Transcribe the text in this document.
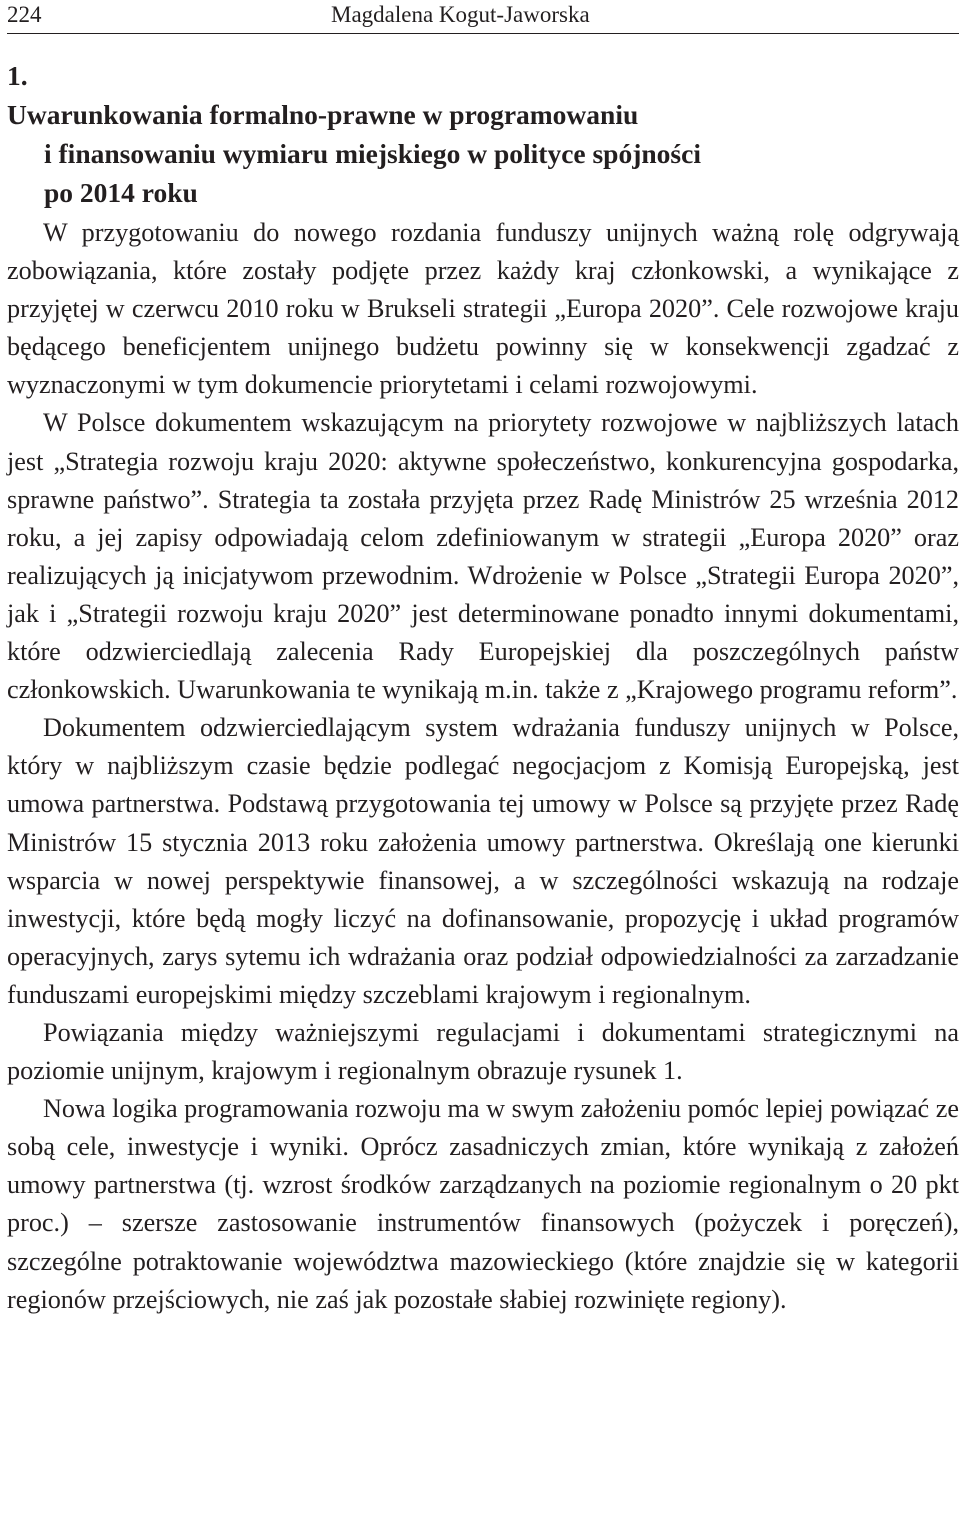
224	Magdalena Kogut-Jaworska
1.
Uwarunkowania formalno-prawne w programowaniu
i finansowaniu wymiaru miejskiego w polityce spójności
po 2014 roku

W przygotowaniu do nowego rozdania funduszy unijnych ważną rolę odgrywają zobowiązania, które zostały podjęte przez każdy kraj członkowski, a wynikające z przyjętej w czerwcu 2010 roku w Brukseli strategii „Europa 2020”. Cele rozwojowe kraju będącego beneficjentem unijnego budżetu powinny się w konsekwencji zgadzać z wyznaczonymi w tym dokumencie priorytetami i celami rozwojowymi.

W Polsce dokumentem wskazującym na priorytety rozwojowe w najbliższych latach jest „Strategia rozwoju kraju 2020: aktywne społeczeństwo, konkurencyjna gospodarka, sprawne państwo”. Strategia ta została przyjęta przez Radę Ministrów 25 września 2012 roku, a jej zapisy odpowiadają celom zdefiniowanym w strategii „Europa 2020” oraz realizujących ją inicjatywom przewodnim. Wdrożenie w Polsce „Strategii Europa 2020”, jak i „Strategii rozwoju kraju 2020” jest determinowane ponadto innymi dokumentami, które odzwierciedlają zalecenia Rady Europejskiej dla poszczególnych państw członkowskich. Uwarunkowania te wynikają m.in. także z „Krajowego programu reform”.

Dokumentem odzwierciedlającym system wdrażania funduszy unijnych w Polsce, który w najbliższym czasie będzie podlegać negocjacjom z Komisją Europejską, jest umowa partnerstwa. Podstawą przygotowania tej umowy w Polsce są przyjęte przez Radę Ministrów 15 stycznia 2013 roku założenia umowy partnerstwa. Określają one kierunki wsparcia w nowej perspektywie finansowej, a w szczególności wskazują na rodzaje inwestycji, które będą mogły liczyć na dofinansowanie, propozycję i układ programów operacyjnych, zarys sytemu ich wdrażania oraz podział odpowiedzialności za zarzadzanie funduszami europejskimi między szczeblami krajowym i regionalnym.

Powiązania między ważniejszymi regulacjami i dokumentami strategicznymi na poziomie unijnym, krajowym i regionalnym obrazuje rysunek 1.

Nowa logika programowania rozwoju ma w swym założeniu pomóc lepiej powiązać ze sobą cele, inwestycje i wyniki. Oprócz zasadniczych zmian, które wynikają z założeń umowy partnerstwa (tj. wzrost środków zarządzanych na poziomie regionalnym o 20 pkt proc.) – szersze zastosowanie instrumentów finansowych (pożyczek i poręczeń), szczególne potraktowanie województwa mazowieckiego (które znajdzie się w kategorii regionów przejściowych, nie zaś jak pozostałe słabiej rozwinięte regiony).
